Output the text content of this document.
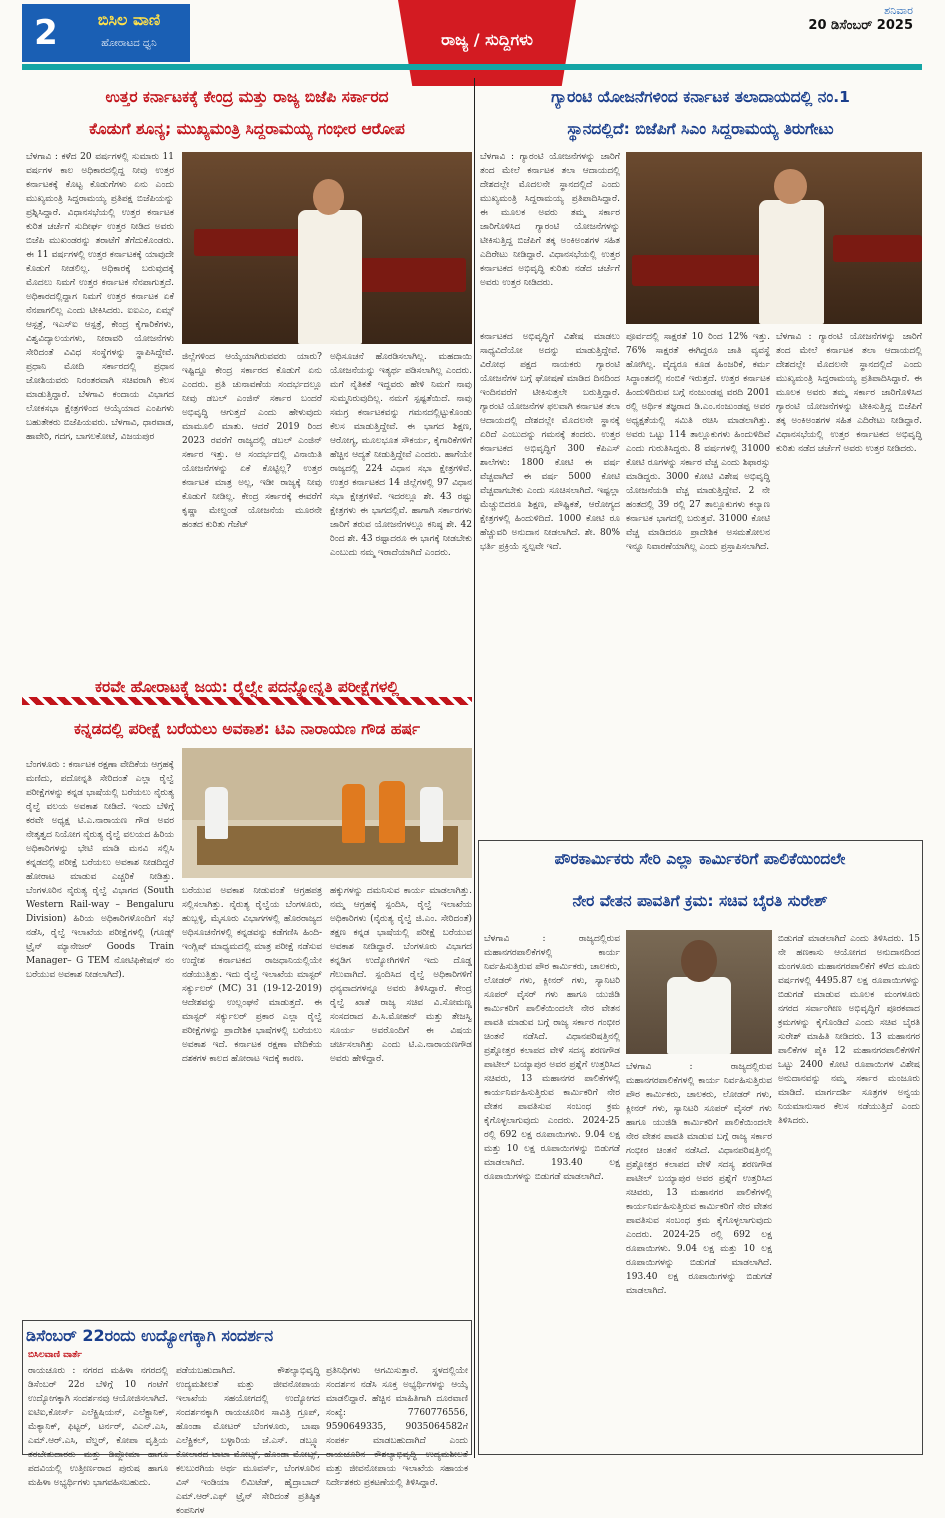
2	ಬಿಸಿಲ ವಾಣಿ
ಹೋರಾಟದ ಧ್ವನಿ	ರಾಜ್ಯ / ಸುದ್ದಿಗಳು
ಶನಿವಾರ
20 ಡಿಸೆಂಬರ್ 2025
ಉತ್ತರ ಕರ್ನಾಟಕಕ್ಕೆ ಕೇಂದ್ರ ಮತ್ತು ರಾಜ್ಯ ಬಿಜೆಪಿ ಸರ್ಕಾರದ
ಕೊಡುಗೆ ಶೂನ್ಯ; ಮುಖ್ಯಮಂತ್ರಿ ಸಿದ್ದರಾಮಯ್ಯ ಗಂಭೀರ ಆರೋಪ
ಬೆಳಗಾವಿ : ಕಳೆದ 20 ವರ್ಷಗಳಲ್ಲಿ ಸುಮಾರು 11 ವರ್ಷಗಳ ಕಾಲ ಅಧಿಕಾರದಲ್ಲಿದ್ದ ನೀವು ಉತ್ತರ ಕರ್ನಾಟಕಕ್ಕೆ ಕೊಟ್ಟ ಕೊಡುಗೆಗಳು ಏನು ಎಂದು ಮುಖ್ಯಮಂತ್ರಿ ಸಿದ್ದರಾಮಯ್ಯ ಪ್ರತಿಪಕ್ಷ ಬಿಜೆಪಿಯನ್ನು ಪ್ರಶ್ನಿಸಿದ್ದಾರೆ. ವಿಧಾನಸಭೆಯಲ್ಲಿ ಉತ್ತರ ಕರ್ನಾಟಕ ಕುರಿತ ಚರ್ಚೆಗೆ ಸುದೀರ್ಘ ಉತ್ತರ ನೀಡಿದ ಅವರು ಬಿಜೆಪಿ ಮುಖಂಡರನ್ನು ತರಾಟೆಗೆ ತೆಗೆದುಕೊಂಡರು. ಈ 11 ವರ್ಷಗಳಲ್ಲಿ ಉತ್ತರ ಕರ್ನಾಟಕಕ್ಕೆ ಯಾವುದೇ ಕೊಡುಗೆ ನೀಡಲಿಲ್ಲ. ಅಧಿಕಾರಕ್ಕೆ ಬರುವುದಕ್ಕೆ ಮೊದಲು ನಿಮಗೆ ಉತ್ತರ ಕರ್ನಾಟಕ ನೆನಪಾಗುತ್ತದೆ. ಅಧಿಕಾರದಲ್ಲಿದ್ದಾಗ ನಿಮಗೆ ಉತ್ತರ ಕರ್ನಾಟಕ ಏಕೆ ನೆನಪಾಗಲಿಲ್ಲ ಎಂದು ಟೀಕಿಸಿದರು. ಐಐಎಂ, ಏಮ್ಸ್ ಆಸ್ಪತ್ರೆ, ಇಎಸ್ಐ ಆಸ್ಪತ್ರೆ, ಕೇಂದ್ರ ಕೈಗಾರಿಕೆಗಳು, ವಿಶ್ವವಿದ್ಯಾಲಯಗಳು, ನೀರಾವರಿ ಯೋಜನೆಗಳು ಸೇರಿದಂತೆ ವಿವಿಧ ಸಂಸ್ಥೆಗಳನ್ನು ಸ್ಥಾಪಿಸಿದ್ದೇವೆ. ಪ್ರಧಾನಿ ಮೋದಿ ಸರ್ಕಾರದಲ್ಲಿ ಪ್ರಧಾನ ಜೋಶಿಯವರು ನಿರಂತರವಾಗಿ ಸಚಿವರಾಗಿ ಕೆಲಸ ಮಾಡುತ್ತಿದ್ದಾರೆ. ಬೆಳಗಾವಿ ಕಂದಾಯ ವಿಭಾಗದ ಲೋಕಸಭಾ ಕ್ಷೇತ್ರಗಳಿಂದ ಆಯ್ಕೆಯಾದ ಎಂಪಿಗಳು ಬಹುತೇಕರು ಬಿಜೆಪಿಯವರು. ಬೆಳಗಾವಿ, ಧಾರವಾಡ, ಹಾವೇರಿ, ಗದಗ, ಬಾಗಲಕೋಟೆ, ವಿಜಯಪುರ
ಜಿಲ್ಲೆಗಳಿಂದ ಆಯ್ಕೆಯಾಗಿರುವವರು ಯಾರು? ಇಷ್ಟಿದ್ದೂ ಕೇಂದ್ರ ಸರ್ಕಾರದ ಕೊಡುಗೆ ಏನು ಎಂದರು. ಪ್ರತಿ ಚುನಾವಣೆಯ ಸಂದರ್ಭದಲ್ಲೂ ನೀವು ಡಬಲ್ ಎಂಜಿನ್ ಸರ್ಕಾರ ಬಂದರೆ ಅಭಿವೃದ್ಧಿ ಆಗುತ್ತದೆ ಎಂದು ಹೇಳುವುದು ಮಾಮೂಲಿ ಮಾತು. ಆದರೆ 2019 ರಿಂದ 2023 ರವರೆಗೆ ರಾಜ್ಯದಲ್ಲಿ ಡಬಲ್ ಎಂಜಿನ್ ಸರ್ಕಾರ ಇತ್ತು. ಆ ಸಂದರ್ಭದಲ್ಲಿ ವಿನಾಯಿತಿ ಯೋಜನೆಗಳನ್ನು ಏಕೆ ಕೊಟ್ಟಿಲ್ಲ? ಉತ್ತರ ಕರ್ನಾಟಕ ಮಾತ್ರ ಅಲ್ಲ, ಇಡೀ ರಾಜ್ಯಕ್ಕೆ ನೀವು ಕೊಡುಗೆ ನೀಡಿಲ್ಲ. ಕೇಂದ್ರ ಸರ್ಕಾರಕ್ಕೆ ಈವರೆಗೆ ಕೃಷ್ಣಾ ಮೇಲ್ದಂಡೆ ಯೋಜನೆಯ ಮೂರನೇ ಹಂತದ ಕುರಿತು ಗೆಜೆಟ್
ಅಧಿಸೂಚನೆ ಹೊರಡಿಸಲಾಗಿಲ್ಲ. ಮಹದಾಯಿ ಯೋಜನೆಯನ್ನು ಇತ್ಯರ್ಥ ಪಡಿಸಲಾಗಿಲ್ಲ ಎಂದರು. ಮಗೆ ನೈತಿಕತೆ ಇದ್ದವರು ಹೇಳಿ ನಿಮಗೆ ನಾವು ಸುಮ್ಮನಿರುವುದಿಲ್ಲ. ನಮಗೆ ಸ್ಪಷ್ಟತೆಯಿದೆ. ನಾವು ಸಮಗ್ರ ಕರ್ನಾಟಕವನ್ನು ಗಮನದಲ್ಲಿಟ್ಟುಕೊಂಡು ಕೆಲಸ ಮಾಡುತ್ತಿದ್ದೇವೆ. ಈ ಭಾಗದ ಶಿಕ್ಷಣ, ಆರೋಗ್ಯ, ಮೂಲಭೂತ ಸೌಕರ್ಯ, ಕೈಗಾರಿಕೆಗಳಿಗೆ ಹೆಚ್ಚಿನ ಆದ್ಯತೆ ನೀಡುತ್ತಿದ್ದೇವೆ ಎಂದರು. ಹಾಗೆಯೇ ರಾಜ್ಯದಲ್ಲಿ 224 ವಿಧಾನ ಸಭಾ ಕ್ಷೇತ್ರಗಳಿವೆ. ಉತ್ತರ ಕರ್ನಾಟಕದ 14 ಜಿಲ್ಲೆಗಳಲ್ಲಿ 97 ವಿಧಾನ ಸಭಾ ಕ್ಷೇತ್ರಗಳಿವೆ. ಇದರಲ್ಲೂ ಶೇ. 43 ರಷ್ಟು ಕ್ಷೇತ್ರಗಳು ಈ ಭಾಗದಲ್ಲಿವೆ. ಹಾಗಾಗಿ ಸರ್ಕಾರಗಳು ಜಾರಿಗೆ ತರುವ ಯೋಜನೆಗಳಲ್ಲೂ ಕನಿಷ್ಠ ಶೇ. 42 ರಿಂದ ಶೇ. 43 ರಷ್ಟಾದರೂ ಈ ಭಾಗಕ್ಕೆ ನೀಡಬೇಕು ಎಂಬುದು ನಮ್ಮ ಇರಾದೆಯಾಗಿದೆ ಎಂದರು.
ಗ್ಯಾರಂಟಿ ಯೋಜನೆಗಳಿಂದ ಕರ್ನಾಟಕ ತಲಾದಾಯದಲ್ಲಿ ನಂ.1
ಸ್ಥಾನದಲ್ಲಿದೆ: ಬಿಜೆಪಿಗೆ ಸಿಎಂ ಸಿದ್ದರಾಮಯ್ಯ ತಿರುಗೇಟು
ಬೆಳಗಾವಿ : ಗ್ಯಾರಂಟಿ ಯೋಜನೆಗಳನ್ನು ಜಾರಿಗೆ ತಂದ ಮೇಲೆ ಕರ್ನಾಟಕ ತಲಾ ಆದಾಯದಲ್ಲಿ ದೇಶದಲ್ಲೇ ಮೊದಲನೇ ಸ್ಥಾನದಲ್ಲಿದೆ ಎಂದು ಮುಖ್ಯಮಂತ್ರಿ ಸಿದ್ದರಾಮಯ್ಯ ಪ್ರತಿಪಾದಿಸಿದ್ದಾರೆ. ಈ ಮೂಲಕ ಅವರು ತಮ್ಮ ಸರ್ಕಾರ ಜಾರಿಗೊಳಿಸಿದ ಗ್ಯಾರಂಟಿ ಯೋಜನೆಗಳನ್ನು ಟೀಕಿಸುತ್ತಿದ್ದ ಬಿಜೆಪಿಗೆ ತಕ್ಕ ಅಂಕಿಅಂಶಗಳ ಸಹಿತ ಎದಿರೇಟು ನೀಡಿದ್ದಾರೆ. ವಿಧಾನಸಭೆಯಲ್ಲಿ ಉತ್ತರ ಕರ್ನಾಟಕದ ಅಭಿವೃದ್ಧಿ ಕುರಿತು ನಡೆದ ಚರ್ಚೆಗೆ ಅವರು ಉತ್ತರ ನೀಡಿದರು.
ಕರ್ನಾಟಕದ ಅಭಿವೃದ್ಧಿಗೆ ವಿಶೇಷ ಮಾಡಲು ಸಾಧ್ಯವಿದೆಯೋ ಅದನ್ನು ಮಾಡುತ್ತಿದ್ದೇವೆ. ವಿರೋಧ ಪಕ್ಷದ ನಾಯಕರು ಗ್ಯಾರಂಟಿ ಯೋಜನೆಗಳ ಬಗ್ಗೆ ಘೋಷಣೆ ಮಾಡಿದ ದಿನದಿಂದ ಇಂದಿನವರೆಗೆ ಟೀಕಿಸುತ್ತಲೇ ಬರುತ್ತಿದ್ದಾರೆ. ಗ್ಯಾರಂಟಿ ಯೋಜನೆಗಳ ಫಲವಾಗಿ ಕರ್ನಾಟಕ ತಲಾ ಆದಾಯದಲ್ಲಿ ದೇಶದಲ್ಲೇ ಮೊದಲನೇ ಸ್ಥಾನಕ್ಕೆ ಏರಿದೆ ಎಂಬುದನ್ನು ಗಮನಕ್ಕೆ ತಂದರು. ಉತ್ತರ ಕರ್ನಾಟಕದ ಅಭಿವೃದ್ಧಿಗೆ 300 ಕೆಪಿಎಸ್ ಶಾಲೆಗಳು: 1800 ಕೋಟಿ ಈ ವರ್ಷ ವೆಚ್ಚವಾಗಿದೆ ಈ ವರ್ಷ 5000 ಕೋಟಿ ವೆಚ್ಚವಾಗಬೇಕು ಎಂದು ಸೂಚಿಸಲಾಗಿದೆ. ಇಷ್ಟಲ್ಲಾ ಮೆಚ್ಚುಬಿದರೂ ಶಿಕ್ಷಣ, ಪೌಷ್ಟಿಕತೆ, ಆರೋಗ್ಯದ ಕ್ಷೇತ್ರಗಳಲ್ಲಿ ಹಿಂದುಳಿದಿದೆ. 1000 ಕೋಟಿ ರೂ ಹೆಚ್ಚುವರಿ ಅನುದಾನ ನೀಡಲಾಗಿದೆ. ಶೇ. 80% ಭರ್ತಿ ಪ್ರಕ್ರಿಯೆ ಸ್ವಲ್ಪವೇ ಇದೆ.
ಪೂರ್ವದಲ್ಲಿ ಸಾಕ್ಷರತೆ 10 ರಿಂದ 12% ಇತ್ತು. 76% ಸಾಕ್ಷರತೆ ಈಗಿದ್ದರೂ ಜಾತಿ ವ್ಯವಸ್ಥೆ ಹೋಗಿಲ್ಲ. ವೈದ್ಯರೂ ಕೂಡ ಹಿಂಜರಿಕೆ, ಕರ್ಮ ಸಿದ್ಧಾಂತದಲ್ಲಿ ನಂಬಿಕೆ ಇರುತ್ತದೆ. ಉತ್ತರ ಕರ್ನಾಟಕ ಹಿಂದುಳಿದಿರುವ ಬಗ್ಗೆ ನಂಜುಂಡಪ್ಪ ವರದಿ 2001 ರಲ್ಲಿ ಅರ್ಥಿಕ ತಜ್ಞರಾದ ಡಿ.ಎಂ.ನಂಜುಂಡಪ್ಪ ಅವರ ಅಧ್ಯಕ್ಷತೆಯಲ್ಲಿ ಸಮಿತಿ ರಚಿಸಿ ಮಾಡಲಾಗಿತ್ತು. ಅವರು ಒಟ್ಟು 114 ತಾಲ್ಲೂಕುಗಳು ಹಿಂದುಳಿದಿವೆ ಎಂದು ಗುರುತಿಸಿದ್ದರು. 8 ವರ್ಷಗಳಲ್ಲಿ 31000 ಕೋಟಿ ರೂಗಳನ್ನು ಸರ್ಕಾರ ವೆಚ್ಚ ಎಂದು ಶಿಫಾರಸ್ಸು ಮಾಡಿದ್ದರು. 3000 ಕೋಟಿ ವಿಶೇಷ ಅಭಿವೃದ್ಧಿ ಯೋಜನೆಯಡಿ ವೆಚ್ಚ ಮಾಡುತ್ತಿದ್ದೇವೆ. 2 ನೇ ಹಂತದಲ್ಲಿ 39 ರಲ್ಲಿ 27 ತಾಲ್ಲೂಕುಗಳು ಕಲ್ಯಾಣ ಕರ್ನಾಟಕ ಭಾಗದಲ್ಲಿ ಬರುತ್ತವೆ. 31000 ಕೋಟಿ ವೆಚ್ಚ ಮಾಡಿದರೂ ಪ್ರಾದೇಶಿಕ ಅಸಮತೋಲನ ಇನ್ನೂ ನಿವಾರಣೆಯಾಗಿಲ್ಲ ಎಂದು ಪ್ರಸ್ತಾಪಿಸಲಾಗಿದೆ.
ಬೆಳಗಾವಿ : ಗ್ಯಾರಂಟಿ ಯೋಜನೆಗಳನ್ನು ಜಾರಿಗೆ ತಂದ ಮೇಲೆ ಕರ್ನಾಟಕ ತಲಾ ಆದಾಯದಲ್ಲಿ ದೇಶದಲ್ಲೇ ಮೊದಲನೇ ಸ್ಥಾನದಲ್ಲಿದೆ ಎಂದು ಮುಖ್ಯಮಂತ್ರಿ ಸಿದ್ದರಾಮಯ್ಯ ಪ್ರತಿಪಾದಿಸಿದ್ದಾರೆ. ಈ ಮೂಲಕ ಅವರು ತಮ್ಮ ಸರ್ಕಾರ ಜಾರಿಗೊಳಿಸಿದ ಗ್ಯಾರಂಟಿ ಯೋಜನೆಗಳನ್ನು ಟೀಕಿಸುತ್ತಿದ್ದ ಬಿಜೆಪಿಗೆ ತಕ್ಕ ಅಂಕಿಅಂಶಗಳ ಸಹಿತ ಎದಿರೇಟು ನೀಡಿದ್ದಾರೆ. ವಿಧಾನಸಭೆಯಲ್ಲಿ ಉತ್ತರ ಕರ್ನಾಟಕದ ಅಭಿವೃದ್ಧಿ ಕುರಿತು ನಡೆದ ಚರ್ಚೆಗೆ ಅವರು ಉತ್ತರ ನೀಡಿದರು.
ಕರವೇ ಹೋರಾಟಕ್ಕೆ ಜಯ: ರೈಲ್ವೇ ಪದನ್ನೋನ್ನತಿ ಪರೀಕ್ಷೆಗಳಲ್ಲಿ
ಕನ್ನಡದಲ್ಲಿ ಪರೀಕ್ಷೆ ಬರೆಯಲು ಅವಕಾಶ: ಟಿಎ ನಾರಾಯಣ ಗೌಡ ಹರ್ಷ
ಬೆಂಗಳೂರು : ಕರ್ನಾಟಕ ರಕ್ಷಣಾ ವೇದಿಕೆಯ ಆಗ್ರಹಕ್ಕೆ ಮಣಿದು, ಪದೋನ್ನತಿ ಸೇರಿದಂತೆ ಎಲ್ಲಾ ರೈಲ್ವೆ ಪರೀಕ್ಷೆಗಳನ್ನು ಕನ್ನಡ ಭಾಷೆಯಲ್ಲಿ ಬರೆಯಲು ನೈರುತ್ಯ ರೈಲ್ವೆ ವಲಯ ಅವಕಾಶ ನೀಡಿದೆ. ಇಂದು ಬೆಳಿಗ್ಗೆ ಕರವೇ ಅಧ್ಯಕ್ಷ ಟಿ.ಎ.ನಾರಾಯಣ ಗೌಡ ಅವರ ನೇತೃತ್ವದ ನಿಯೋಗ ನೈರುತ್ಯ ರೈಲ್ವೆ ವಲಯದ ಹಿರಿಯ ಅಧಿಕಾರಿಗಳನ್ನು ಭೇಟಿ ಮಾಡಿ ಮನವಿ ಸಲ್ಲಿಸಿ ಕನ್ನಡದಲ್ಲಿ ಪರೀಕ್ಷೆ ಬರೆಯಲು ಅವಕಾಶ ನೀಡದಿದ್ದರೆ ಹೋರಾಟ ಮಾಡುವ ಎಚ್ಚರಿಕೆ ನೀಡಿತ್ತು. ಬೆಂಗಳೂರಿನ ನೈರುತ್ಯ ರೈಲ್ವೆ ವಿಭಾಗದ (South Western Rail-way – Bengaluru Division) ಹಿರಿಯ ಅಧಿಕಾರಿಗಳೊಂದಿಗೆ ಸಭೆ ನಡೆಸಿ, ರೈಲ್ವೆ ಇಲಾಖೆಯ ಪರೀಕ್ಷೆಗಳಲ್ಲಿ (ಗೂಡ್ಸ್ ಟ್ರೈನ್ ಮ್ಯಾನೇಜರ್ Goods Train Manager– G TEM ನೋಟಿಫಿಕೇಷನ್ ನಂ ಬರೆಯುವ ಅವಕಾಶ ನೀಡಲಾಗಿದೆ).
ಬರೆಯುವ ಅವಕಾಶ ನೀಡುವಂತೆ ಆಗ್ರಹಪತ್ರ ಸಲ್ಲಿಸಲಾಗಿತ್ತು. ನೈರುತ್ಯ ರೈಲ್ವೆಯ ಬೆಂಗಳೂರು, ಹುಬ್ಬಳ್ಳಿ, ಮೈಸೂರು ವಿಭಾಗಗಳಲ್ಲಿ ಹೊರರಾಜ್ಯದ ಅಧಿಸೂಚನೆಗಳಲ್ಲಿ ಕನ್ನಡವನ್ನು ಕಡೆಗಣಿಸಿ ಹಿಂದಿ-ಇಂಗ್ಲಿಷ್ ಮಾಧ್ಯಮದಲ್ಲಿ ಮಾತ್ರ ಪರೀಕ್ಷೆ ನಡೆಸುವ ಉದ್ದೇಶ ಕರ್ನಾಟಕದ ರಾಜಧಾನಿಯಲ್ಲಿಯೇ ನಡೆಯುತ್ತಿತ್ತು. ಇದು ರೈಲ್ವೆ ಇಲಾಖೆಯ ಮಾಸ್ಟರ್ ಸರ್ಕ್ಯುಲರ್ (MC) 31 (19-12-2019) ಆದೇಶವನ್ನು ಉಲ್ಲಂಘನೆ ಮಾಡುತ್ತದೆ. ಈ ಮಾಸ್ಟರ್ ಸರ್ಕ್ಯುಲರ್ ಪ್ರಕಾರ ಎಲ್ಲಾ ರೈಲ್ವೆ ಪರೀಕ್ಷೆಗಳನ್ನು ಪ್ರಾದೇಶಿಕ ಭಾಷೆಗಳಲ್ಲಿ ಬರೆಯಲು ಅವಕಾಶ ಇದೆ. ಕರ್ನಾಟಕ ರಕ್ಷಣಾ ವೇದಿಕೆಯ ದಶಕಗಳ ಕಾಲದ ಹೋರಾಟ ಇದಕ್ಕೆ ಕಾರಣ.
ಹಕ್ಕುಗಳನ್ನು ದಮನಿಸುವ ಕಾರ್ಯ ಮಾಡಲಾಗಿತ್ತು. ನಮ್ಮ ಆಗ್ರಹಕ್ಕೆ ಸ್ಪಂದಿಸಿ, ರೈಲ್ವೆ ಇಲಾಖೆಯ ಅಧಿಕಾರಿಗಳು (ನೈರುತ್ಯ ರೈಲ್ವೆ ಜಿ.ಎಂ. ಸೇರಿದಂತೆ) ತಕ್ಷಣ ಕನ್ನಡ ಭಾಷೆಯಲ್ಲಿ ಪರೀಕ್ಷೆ ಬರೆಯುವ ಅವಕಾಶ ನೀಡಿದ್ದಾರೆ. ಬೆಂಗಳೂರು ವಿಭಾಗದ ಕನ್ನಡಿಗ ಉದ್ಯೋಗಿಗಳಿಗೆ ಇದು ದೊಡ್ಡ ಗೆಲುವಾಗಿದೆ. ಸ್ಪಂದಿಸಿದ ರೈಲ್ವೆ ಅಧಿಕಾರಿಗಳಿಗೆ ಧನ್ಯವಾದಗಳನ್ನೂ ಅವರು ತಿಳಿಸಿದ್ದಾರೆ. ಕೇಂದ್ರ ರೈಲ್ವೆ ಖಾತೆ ರಾಜ್ಯ ಸಚಿವ ವಿ.ಸೋಮಣ್ಣ ಸಂಸದರಾದ ಪಿ.ಸಿ.ಮೋಹನ್ ಮತ್ತು ತೇಜಸ್ವಿ ಸೂರ್ಯ ಅವರೊಂದಿಗೆ ಈ ವಿಷಯ ಚರ್ಚಿಸಲಾಗಿತ್ತು ಎಂದು ಟಿ.ಎ.ನಾರಾಯಣಗೌಡ ಅವರು ಹೇಳಿದ್ದಾರೆ.
ಪೌರಕಾರ್ಮಿಕರು ಸೇರಿ ಎಲ್ಲಾ ಕಾರ್ಮಿಕರಿಗೆ ಪಾಲಿಕೆಯಿಂದಲೇ
ನೇರ ವೇತನ ಪಾವತಿಗೆ ಕ್ರಮ: ಸಚಿವ ಬೈರತಿ ಸುರೇಶ್
ಬೆಳಗಾವಿ : ರಾಜ್ಯದಲ್ಲಿರುವ ಮಹಾನಗರಪಾಲಿಕೆಗಳಲ್ಲಿ ಕಾರ್ಯ ನಿರ್ವಹಿಸುತ್ತಿರುವ ಪೌರ ಕಾರ್ಮಿಕರು, ಚಾಲಕರು, ಲೋಡರ್ ಗಳು, ಕ್ಲೀನರ್ ಗಳು, ಸ್ಯಾನಿಟರಿ ಸೂಪರ್ ವೈಸರ್ ಗಳು ಹಾಗೂ ಯುಜಿಡಿ ಕಾರ್ಮಿಕರಿಗೆ ಪಾಲಿಕೆಯಿಂದಲೇ ನೇರ ವೇತನ ಪಾವತಿ ಮಾಡುವ ಬಗ್ಗೆ ರಾಜ್ಯ ಸರ್ಕಾರ ಗಂಭೀರ ಚಿಂತನೆ ನಡೆಸಿದೆ. ವಿಧಾನಪರಿಷತ್ತಿನಲ್ಲಿ ಪ್ರಶ್ನೋತ್ತರ ಕಲಾಪದ ವೇಳೆ ಸದಸ್ಯ ಶರಣಗೌಡ ಪಾಟೀಲ್ ಬಯ್ಯಾಪುರ ಅವರ ಪ್ರಶ್ನೆಗೆ ಉತ್ತರಿಸಿದ ಸಚಿವರು, 13 ಮಹಾನಗರ ಪಾಲಿಕೆಗಳಲ್ಲಿ ಕಾರ್ಯನಿರ್ವಹಿಸುತ್ತಿರುವ ಕಾರ್ಮಿಕರಿಗೆ ನೇರ ವೇತನ ಪಾವತಿಸುವ ಸಂಬಂಧ ಕ್ರಮ ಕೈಗೊಳ್ಳಲಾಗುವುದು ಎಂದರು. 2024-25 ರಲ್ಲಿ 692 ಲಕ್ಷ ರೂಪಾಯಿಗಳು. 9.04 ಲಕ್ಷ ಮತ್ತು 10 ಲಕ್ಷ ರೂಪಾಯಿಗಳನ್ನು ಬಿಡುಗಡೆ ಮಾಡಲಾಗಿದೆ. 193.40 ಲಕ್ಷ ರೂಪಾಯಿಗಳನ್ನು ಬಿಡುಗಡೆ ಮಾಡಲಾಗಿದೆ.
ಬೆಳಗಾವಿ : ರಾಜ್ಯದಲ್ಲಿರುವ ಮಹಾನಗರಪಾಲಿಕೆಗಳಲ್ಲಿ ಕಾರ್ಯ ನಿರ್ವಹಿಸುತ್ತಿರುವ ಪೌರ ಕಾರ್ಮಿಕರು, ಚಾಲಕರು, ಲೋಡರ್ ಗಳು, ಕ್ಲೀನರ್ ಗಳು, ಸ್ಯಾನಿಟರಿ ಸೂಪರ್ ವೈಸರ್ ಗಳು ಹಾಗೂ ಯುಜಿಡಿ ಕಾರ್ಮಿಕರಿಗೆ ಪಾಲಿಕೆಯಿಂದಲೇ ನೇರ ವೇತನ ಪಾವತಿ ಮಾಡುವ ಬಗ್ಗೆ ರಾಜ್ಯ ಸರ್ಕಾರ ಗಂಭೀರ ಚಿಂತನೆ ನಡೆಸಿದೆ. ವಿಧಾನಪರಿಷತ್ತಿನಲ್ಲಿ ಪ್ರಶ್ನೋತ್ತರ ಕಲಾಪದ ವೇಳೆ ಸದಸ್ಯ ಶರಣಗೌಡ ಪಾಟೀಲ್ ಬಯ್ಯಾಪುರ ಅವರ ಪ್ರಶ್ನೆಗೆ ಉತ್ತರಿಸಿದ ಸಚಿವರು, 13 ಮಹಾನಗರ ಪಾಲಿಕೆಗಳಲ್ಲಿ ಕಾರ್ಯನಿರ್ವಹಿಸುತ್ತಿರುವ ಕಾರ್ಮಿಕರಿಗೆ ನೇರ ವೇತನ ಪಾವತಿಸುವ ಸಂಬಂಧ ಕ್ರಮ ಕೈಗೊಳ್ಳಲಾಗುವುದು ಎಂದರು. 2024-25 ರಲ್ಲಿ 692 ಲಕ್ಷ ರೂಪಾಯಿಗಳು. 9.04 ಲಕ್ಷ ಮತ್ತು 10 ಲಕ್ಷ ರೂಪಾಯಿಗಳನ್ನು ಬಿಡುಗಡೆ ಮಾಡಲಾಗಿದೆ. 193.40 ಲಕ್ಷ ರೂಪಾಯಿಗಳನ್ನು ಬಿಡುಗಡೆ ಮಾಡಲಾಗಿದೆ.
ಬಿಡುಗಡೆ ಮಾಡಲಾಗಿದೆ ಎಂದು ತಿಳಿಸಿದರು. 15 ನೇ ಹಣಕಾಸು ಆಯೋಗದ ಅನುದಾನದಿಂದ ಮಂಗಳೂರು ಮಹಾನಗರಪಾಲಿಕೆಗೆ ಕಳೆದ ಮೂರು ವರ್ಷಗಳಲ್ಲಿ 4495.87 ಲಕ್ಷ ರೂಪಾಯಿಗಳನ್ನು ಬಿಡುಗಡೆ ಮಾಡುವ ಮೂಲಕ ಮಂಗಳೂರು ನಗರದ ಸರ್ವಾಂಗೀಣ ಅಭಿವೃದ್ಧಿಗೆ ಪೂರಕವಾದ ಕ್ರಮಗಳನ್ನು ಕೈಗೊಂಡಿದೆ ಎಂದು ಸಚಿವ ಬೈರತಿ ಸುರೇಶ್ ಮಾಹಿತಿ ನೀಡಿದರು. 13 ಮಹಾನಗರ ಪಾಲಿಕೆಗಳ ಪೈಕಿ 12 ಮಹಾನಗರಪಾಲಿಕೆಗಳಿಗೆ ಒಟ್ಟು 2400 ಕೋಟಿ ರೂಪಾಯಿಗಳ ವಿಶೇಷ ಅನುದಾನವನ್ನು ನಮ್ಮ ಸರ್ಕಾರ ಮಂಜೂರು ಮಾಡಿದೆ. ಮಾರ್ಗದರ್ಶಿ ಸೂತ್ರಗಳ ಅನ್ವಯ ನಿಯಮಾನುಸಾರ ಕೆಲಸ ನಡೆಯುತ್ತಿದೆ ಎಂದು ತಿಳಿಸಿದರು.
ಡಿಸೆಂಬರ್ 22ರಂದು ಉದ್ಯೋಗಕ್ಕಾಗಿ ಸಂದರ್ಶನ
ಬಿಸಿಲವಾಣಿ ವಾರ್ತೆ
ರಾಯಚೂರು : ನಗರದ ಮಹಿಳಾ ನಗರದಲ್ಲಿ ಡಿಸೆಂಬರ್ 22ರ ಬೆಳಿಗ್ಗೆ 10 ಗಂಟೆಗೆ ಉದ್ಯೋಗಕ್ಕಾಗಿ ಸಂದರ್ಶನವು ಆಯೋಜಿಸಲಾಗಿದೆ. ಐಟಿಐ,ಕೋರ್ಸ್ ಎಲೆಕ್ಟ್ರಿಷಿಯನ್, ಎಲೆಕ್ಟ್ರಾನಿಕ್, ಮೆಕ್ಯಾನಿಕ್, ಫಿಟ್ಟರ್, ಟರ್ನರ್, ವಿಎನ್.ಎಸಿ, ಎಮ್.ಆರ್.ಎಸಿ, ವೆಲ್ಡರ್, ಕೋಪಾ ವೃತ್ತಿಯ ತರಬೇತುದಾರರು ಮತ್ತು ಡಿಪ್ಲೋಮಾ ಹಾಗೂ ಪದವಿಯಲ್ಲಿ ಉತ್ತೀರ್ಣರಾದ ಪುರುಷ ಹಾಗೂ ಮಹಿಳಾ ಅಭ್ಯರ್ಥಿಗಳು ಭಾಗವಹಿಸಬಹುದು.
ಪಡೆಯಬಹುದಾಗಿದೆ. ಕೌಶಲ್ಯಾಭಿವೃದ್ಧಿ ಉದ್ಯಮಶೀಲತೆ ಮತ್ತು ಜೀವನೋಪಾಯ ಇಲಾಖೆಯ ಸಹಯೋಗದಲ್ಲಿ ಉದ್ಯೋಗದ ಸಂದರ್ಶನಕ್ಕಾಗಿ ರಾಯಚೂರಿನ ಸಾವಿತ್ರಿ ಗ್ರೂಪ್, ಹೊಂಡಾ ಮೋಟರ್ ಬೆಂಗಳೂರು, ಬಾಷಾ ಎಲೆಕ್ಟ್ರಿಕಲ್, ಬಳ್ಳಾರಿಯ ಜೆ.ಎಸ್. ಡಬ್ಲ್ಯೂ ಕೋಲಾರದ ಟಾಟಾ ಮೋಟ್ಸ್, ಹೊಂಡಾ ಮೋಟ್ಸ್, ಕಲಬುರಗಿಯ ಅರ್ಥ ಮೂವರ್ಸ್, ಬೆಂಗಳೂರಿನ ವಿಸ್ ಇಂಡಿಯಾ ಲಿಮಿಟೆಡ್, ಹೈದ್ರಾಬಾದ್ ಎಮ್.ಆರ್.ಎಫ್ ಟ್ರೈನ್ ಸೇರಿದಂತೆ ಪ್ರತಿಷ್ಠಿತ ಕಂಪನಿಗಳ
ಪ್ರತಿನಿಧಿಗಳು ಆಗಮಿಸುತ್ತಾರೆ. ಸ್ಥಳದಲ್ಲಿಯೇ ಸಂದರ್ಶನ ನಡೆಸಿ ಸೂಕ್ತ ಅಭ್ಯರ್ಥಿಗಳನ್ನು ಆಯ್ಕೆ ಮಾಡಲಿದ್ದಾರೆ. ಹೆಚ್ಚಿನ ಮಾಹಿತಿಗಾಗಿ ದೂರವಾಣಿ ಸಂಖ್ಯೆ: 7760776556, 9590649335, 9035064582ಗೆ ಸಂಪರ್ಕ ಮಾಡಬಹುದಾಗಿದೆ ಎಂದು ರಾಯಚೂರಿನ ಕೌಶಲ್ಯಾಭಿವೃದ್ಧಿ ಉದ್ಯಮಶೀಲತೆ ಮತ್ತು ಜೀವನೋಪಾಯ ಇಲಾಖೆಯ ಸಹಾಯಕ ನಿರ್ದೇಶಕರು ಪ್ರಕಟಣೆಯಲ್ಲಿ ತಿಳಿಸಿದ್ದಾರೆ.
